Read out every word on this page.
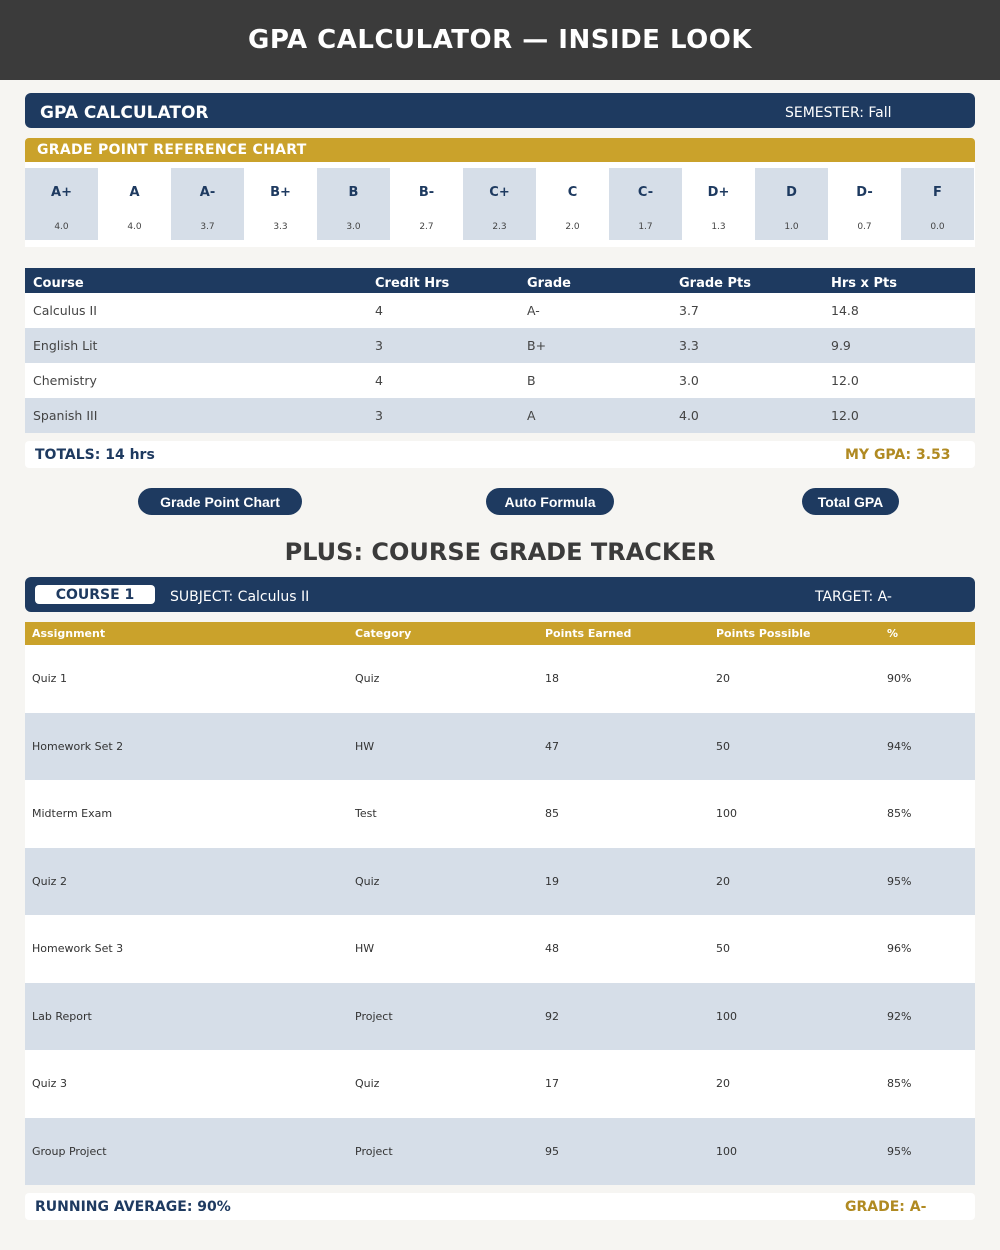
GPA CALCULATOR — INSIDE LOOK
GPA CALCULATOR	SEMESTER: Fall
GRADE POINT REFERENCE CHART
A+
4.0
A
4.0
A-
3.7
B+
3.3
B
3.0
B-
2.7
C+
2.3
C
2.0
C-
1.7
D+
1.3
D
1.0
D-
0.7
F
0.0
Course	Credit Hrs	Grade	Grade Pts	Hrs x Pts
Calculus II	4	A-	3.7	14.8
English Lit	3	B+	3.3	9.9
Chemistry	4	B	3.0	12.0
Spanish III	3	A	4.0	12.0
TOTALS: 14 hrs	MY GPA: 3.53
Grade Point Chart	Auto Formula	Total GPA
PLUS: COURSE GRADE TRACKER
COURSE 1	SUBJECT: Calculus II	TARGET: A-
Assignment	Category	Points Earned	Points Possible	%
Quiz 1	Quiz	18	20	90%
Homework Set 2	HW	47	50	94%
Midterm Exam	Test	85	100	85%
Quiz 2	Quiz	19	20	95%
Homework Set 3	HW	48	50	96%
Lab Report	Project	92	100	92%
Quiz 3	Quiz	17	20	85%
Group Project	Project	95	100	95%
RUNNING AVERAGE: 90%	GRADE: A-
